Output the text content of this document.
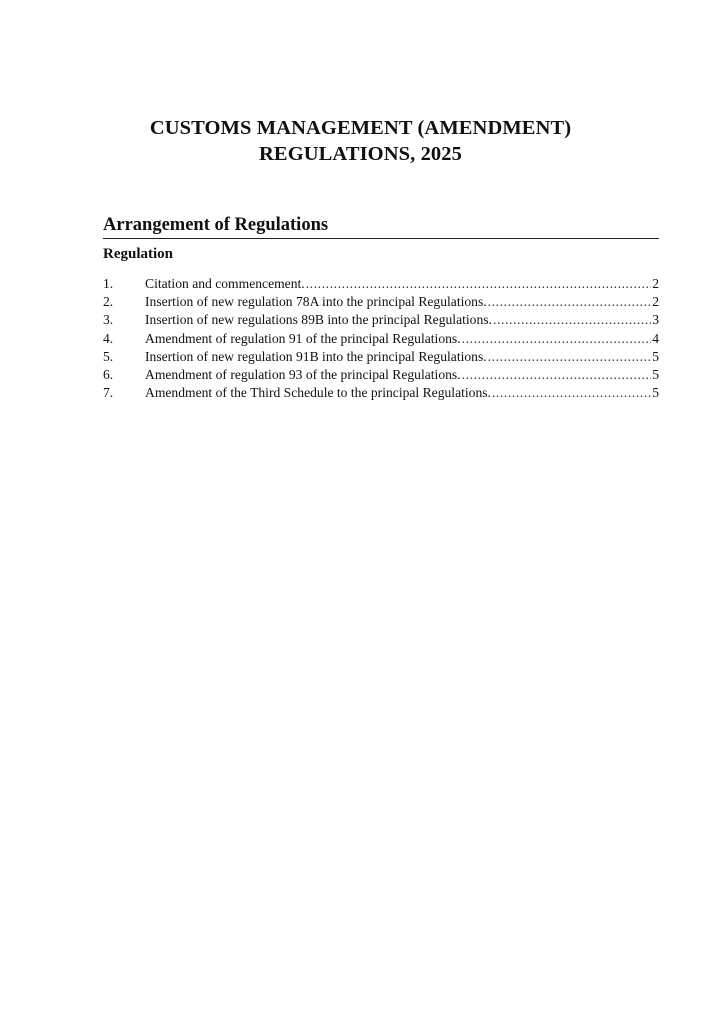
CUSTOMS MANAGEMENT (AMENDMENT)
REGULATIONS, 2025
Arrangement of Regulations
Regulation
1.	Citation and commencement. .....	2
2.	Insertion of new regulation 78A into the principal Regulations. .....	2
3.	Insertion of new regulations 89B into the principal Regulations. .....	3
4.	Amendment of regulation 91 of the principal Regulations. .....	4
5.	Insertion of new regulation 91B into the principal Regulations. .....	5
6.	Amendment of regulation 93 of the principal Regulations. .....	5
7.	Amendment of the Third Schedule to the principal Regulations. .....	5
